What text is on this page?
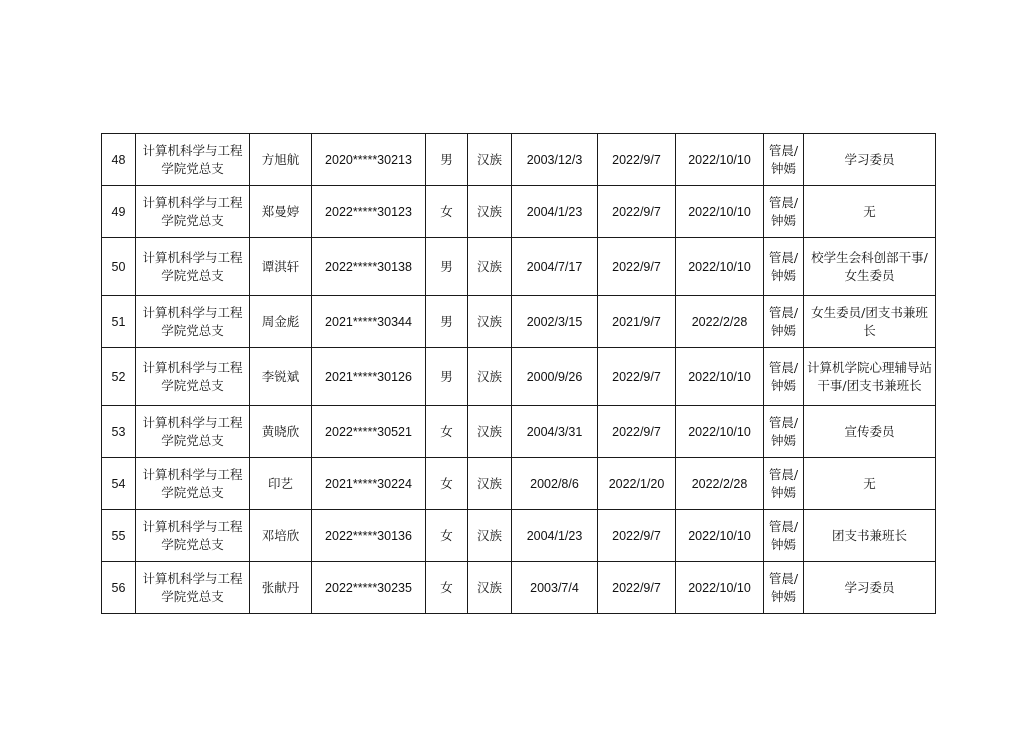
48	计算机科学与工程学院党总支	方旭航	2020*****30213	男	汉族	2003/12/3	2022/9/7	2022/10/10	管晨/钟嫣	学习委员
49	计算机科学与工程学院党总支	郑曼婷	2022*****30123	女	汉族	2004/1/23	2022/9/7	2022/10/10	管晨/钟嫣	无
50	计算机科学与工程学院党总支	谭淇轩	2022*****30138	男	汉族	2004/7/17	2022/9/7	2022/10/10	管晨/钟嫣	校学生会科创部干事/女生委员
51	计算机科学与工程学院党总支	周金彪	2021*****30344	男	汉族	2002/3/15	2021/9/7	2022/2/28	管晨/钟嫣	女生委员/团支书兼班长
52	计算机科学与工程学院党总支	李锐斌	2021*****30126	男	汉族	2000/9/26	2022/9/7	2022/10/10	管晨/钟嫣	计算机学院心理辅导站干事/团支书兼班长
53	计算机科学与工程学院党总支	黄晓欣	2022*****30521	女	汉族	2004/3/31	2022/9/7	2022/10/10	管晨/钟嫣	宣传委员
54	计算机科学与工程学院党总支	印艺	2021*****30224	女	汉族	2002/8/6	2022/1/20	2022/2/28	管晨/钟嫣	无
55	计算机科学与工程学院党总支	邓培欣	2022*****30136	女	汉族	2004/1/23	2022/9/7	2022/10/10	管晨/钟嫣	团支书兼班长
56	计算机科学与工程学院党总支	张献丹	2022*****30235	女	汉族	2003/7/4	2022/9/7	2022/10/10	管晨/钟嫣	学习委员
